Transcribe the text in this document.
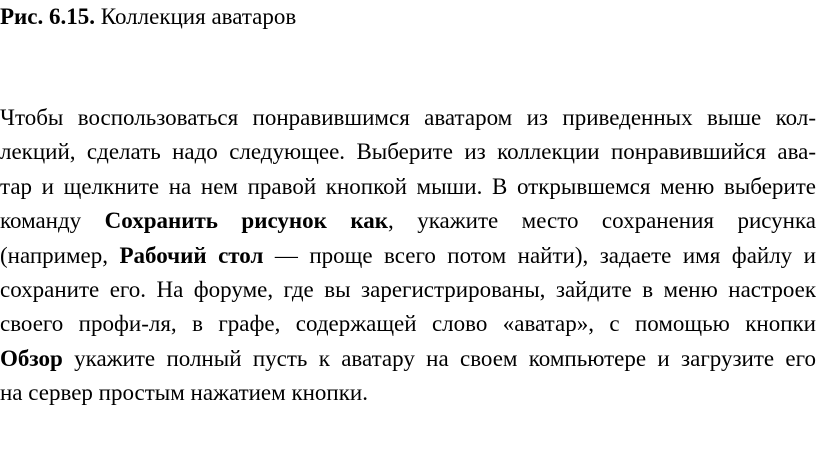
Рис. 6.15. Коллекция аватаров
Чтобы воспользоваться понравившимся аватаром из приведенных выше кол-
лекций, сделать надо следующее. Выберите из коллекции понравившийся ава-
тар и щелкните на нем правой кнопкой мыши. В открывшемся меню выберите
команду Сохранить рисунок как, укажите место сохранения рисунка
(например, Рабочий стол — проще всего потом найти), задаете имя файлу и
сохраните его. На форуме, где вы зарегистрированы, зайдите в меню настроек
своего профи-ля, в графе, содержащей слово «аватар», с помощью кнопки
Обзор укажите полный пусть к аватару на своем компьютере и загрузите его
на сервер простым нажатием кнопки.
